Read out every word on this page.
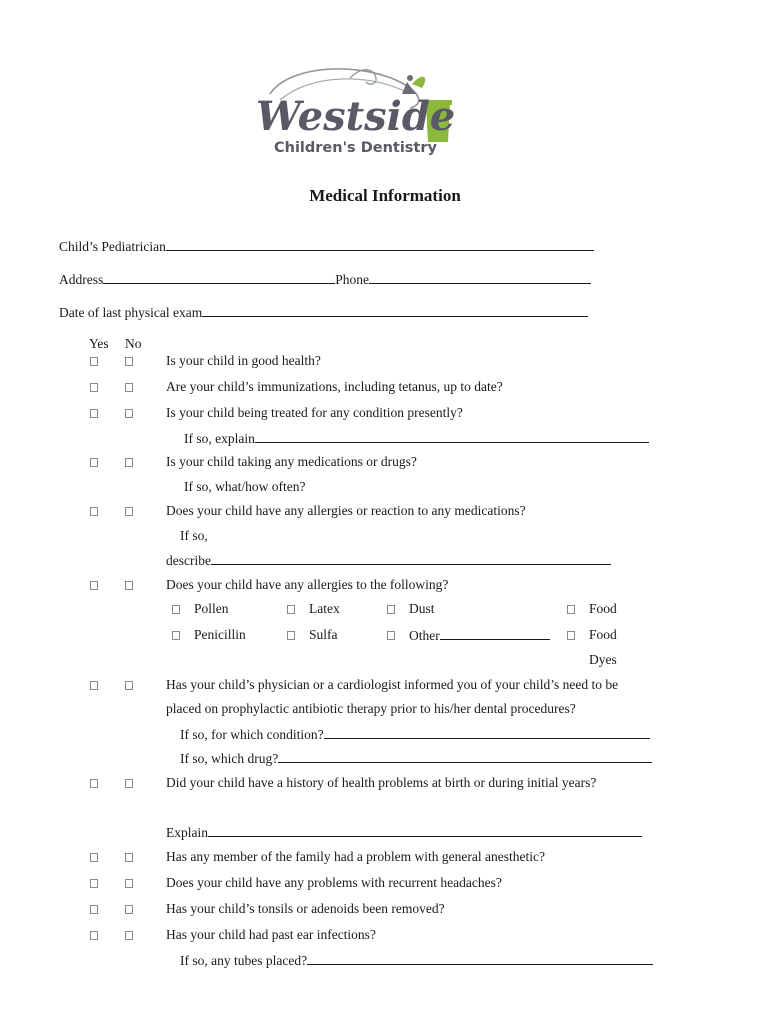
Westside
Children's Dentistry
Medical Information
Child’s Pediatrician
Address	Phone
Date of last physical exam
Yes No
Is your child in good health?
Are your child’s immunizations, including tetanus, up to date?
Is your child being treated for any condition presently?
If so, explain
Is your child taking any medications or drugs?
If so, what/how often?
Does your child have any allergies or reaction to any medications?
If so,
describe
Does your child have any allergies to the following?
Pollen	Latex	Dust	Food
Penicillin	Sulfa	Other	Food
Dyes
Has your child’s physician or a cardiologist informed you of your child’s need to be
placed on prophylactic antibiotic therapy prior to his/her dental procedures?
If so, for which condition?
If so, which drug?
Did your child have a history of health problems at birth or during initial years?
Explain
Has any member of the family had a problem with general anesthetic?
Does your child have any problems with recurrent headaches?
Has your child’s tonsils or adenoids been removed?
Has your child had past ear infections?
If so, any tubes placed?
